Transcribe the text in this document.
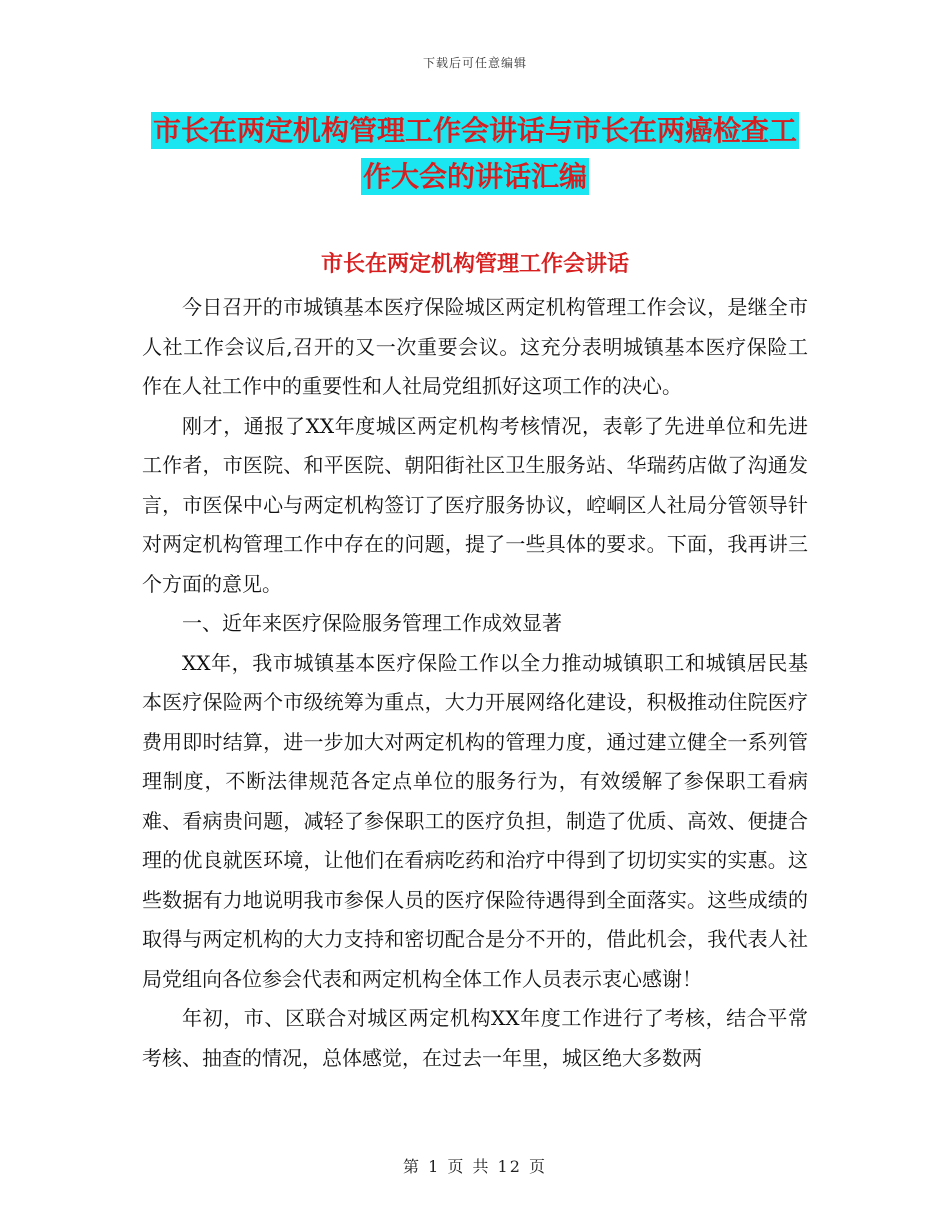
下载后可任意编辑
市长在两定机构管理工作会讲话与市长在两癌检查工作大会的讲话汇编
市长在两定机构管理工作会讲话

今日召开的市城镇基本医疗保险城区两定机构管理工作会议，是继全市人社工作会议后,召开的又一次重要会议。这充分表明城镇基本医疗保险工作在人社工作中的重要性和人社局党组抓好这项工作的决心。

刚才，通报了XX年度城区两定机构考核情况，表彰了先进单位和先进工作者，市医院、和平医院、朝阳街社区卫生服务站、华瑞药店做了沟通发言，市医保中心与两定机构签订了医疗服务协议，崆峒区人社局分管领导针对两定机构管理工作中存在的问题，提了一些具体的要求。下面，我再讲三个方面的意见。

一、近年来医疗保险服务管理工作成效显著

XX年，我市城镇基本医疗保险工作以全力推动城镇职工和城镇居民基本医疗保险两个市级统筹为重点，大力开展网络化建设，积极推动住院医疗费用即时结算，进一步加大对两定机构的管理力度，通过建立健全一系列管理制度，不断法律规范各定点单位的服务行为，有效缓解了参保职工看病难、看病贵问题，减轻了参保职工的医疗负担，制造了优质、高效、便捷合理的优良就医环境，让他们在看病吃药和治疗中得到了切切实实的实惠。这些数据有力地说明我市参保人员的医疗保险待遇得到全面落实。这些成绩的取得与两定机构的大力支持和密切配合是分不开的，借此机会，我代表人社局党组向各位参会代表和两定机构全体工作人员表示衷心感谢！

年初，市、区联合对城区两定机构XX年度工作进行了考核，结合平常考核、抽查的情况，总体感觉，在过去一年里，城区绝大多数两

第 1 页 共 12 页
